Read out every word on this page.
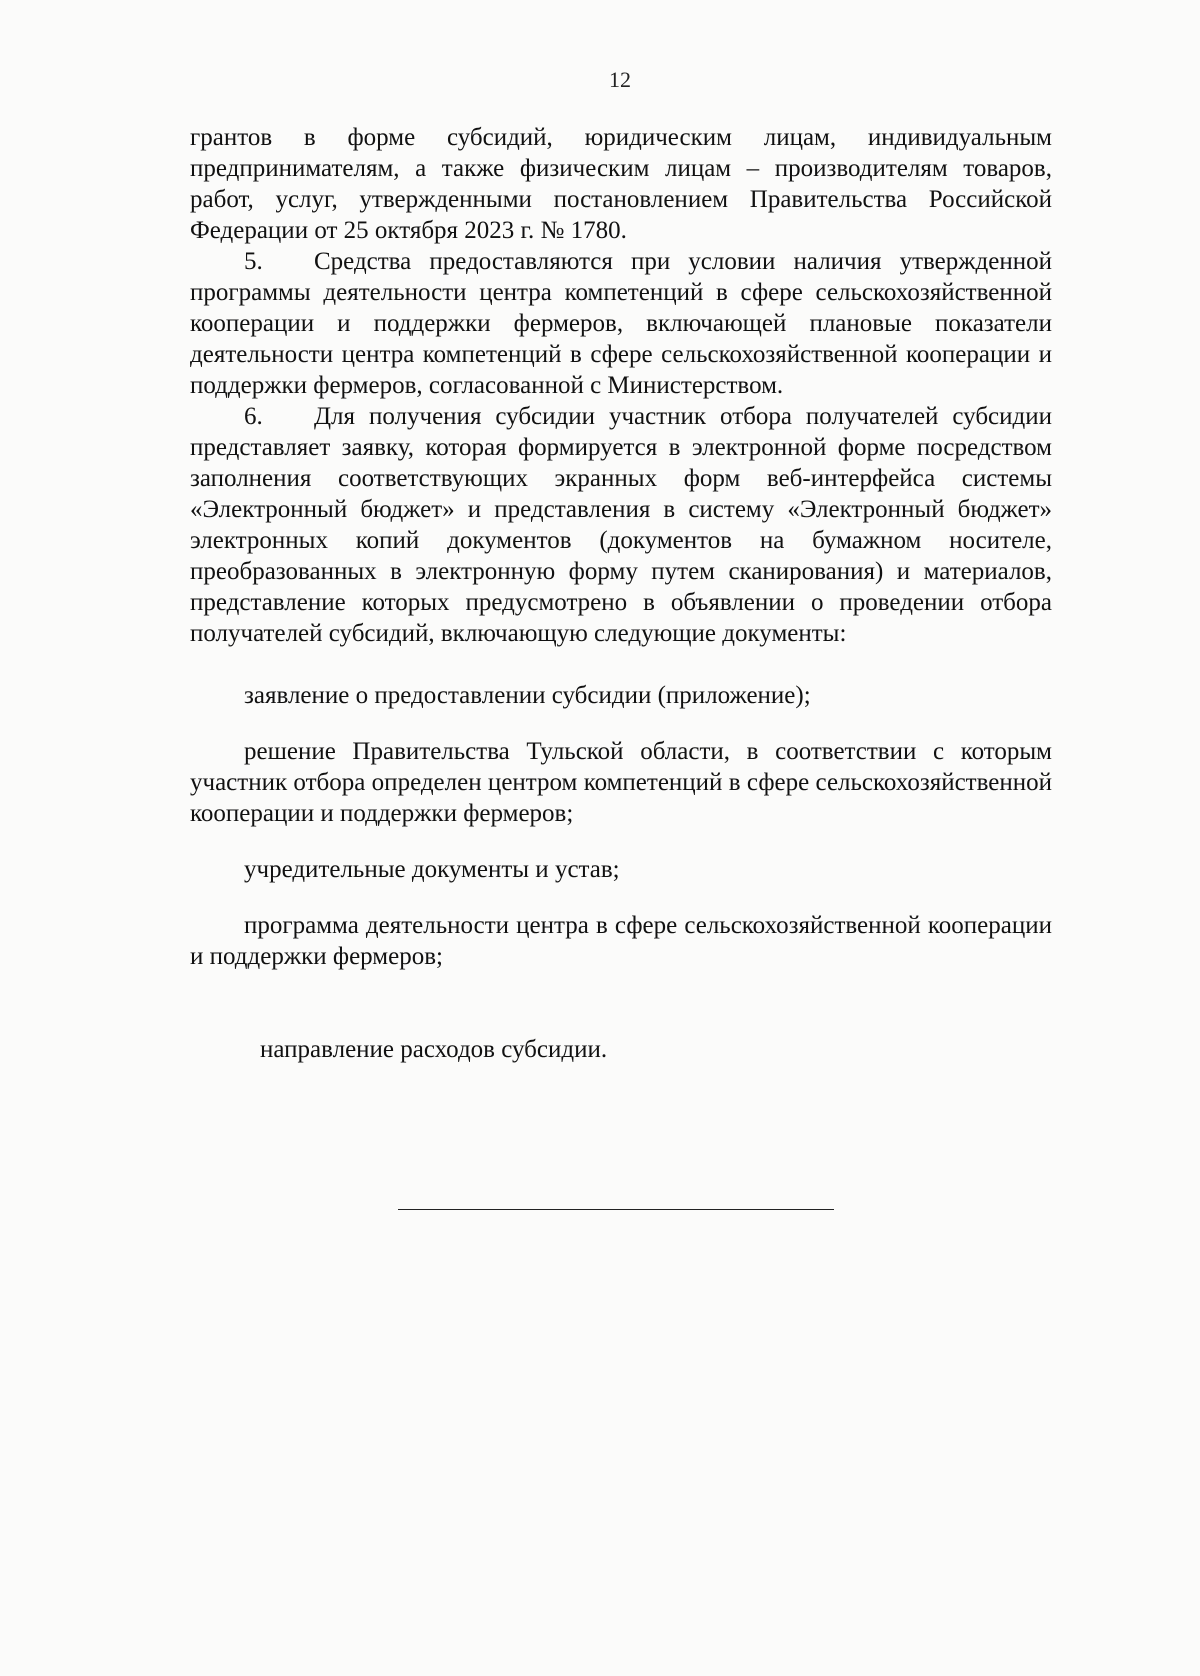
12

грантов в форме субсидий, юридическим лицам, индивидуальным предпринимателям, а также физическим лицам – производителям товаров, работ, услуг, утвержденными постановлением Правительства Российской Федерации от 25 октября 2023 г. № 1780.

5. Средства предоставляются при условии наличия утвержденной программы деятельности центра компетенций в сфере сельскохозяйственной кооперации и поддержки фермеров, включающей плановые показатели деятельности центра компетенций в сфере сельскохозяйственной кооперации и поддержки фермеров, согласованной с Министерством.

6. Для получения субсидии участник отбора получателей субсидии представляет заявку, которая формируется в электронной форме посредством заполнения соответствующих экранных форм веб-интерфейса системы «Электронный бюджет» и представления в систему «Электронный бюджет» электронных копий документов (документов на бумажном носителе, преобразованных в электронную форму путем сканирования) и материалов, представление которых предусмотрено в объявлении о проведении отбора получателей субсидий, включающую следующие документы:

заявление о предоставлении субсидии (приложение);

решение Правительства Тульской области, в соответствии с которым участник отбора определен центром компетенций в сфере сельскохозяйственной кооперации и поддержки фермеров;

учредительные документы и устав;

программа деятельности центра в сфере сельскохозяйственной кооперации и поддержки фермеров;

направление расходов субсидии.
